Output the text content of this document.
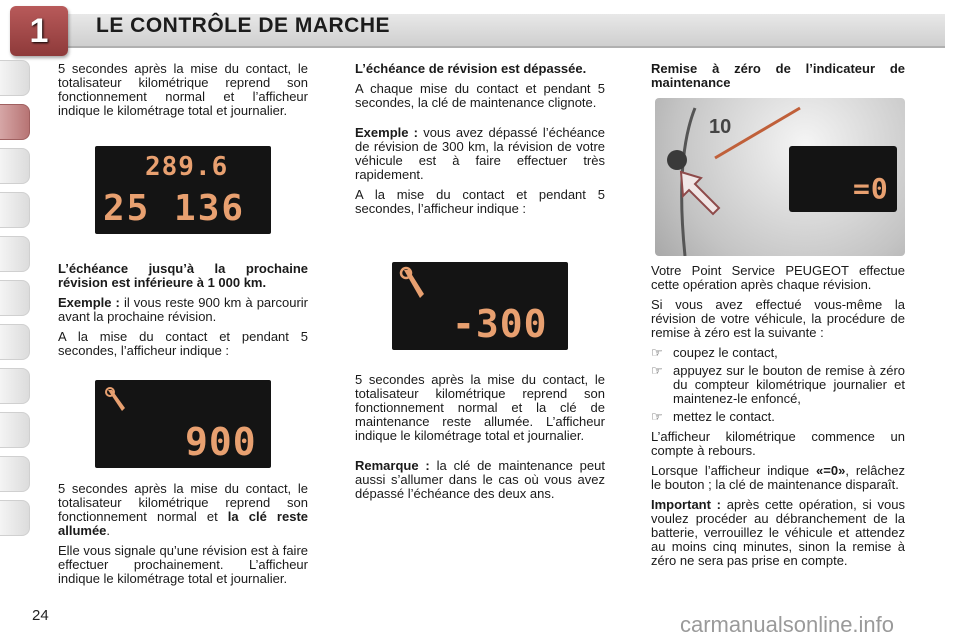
1	LE CONTRÔLE DE MARCHE

5 secondes après la mise du contact, le totalisateur kilométrique reprend son fonctionnement normal et l’afficheur indique le kilométrage total et journalier.

289.6
25 136

L’échéance jusqu’à la prochaine révision est inférieure à 1 000 km.

Exemple : il vous reste 900 km à parcourir avant la prochaine révision.

A la mise du contact et pendant 5 secondes, l’afficheur indique :

900

5 secondes après la mise du contact, le totalisateur kilométrique reprend son fonctionnement normal et la clé reste allumée.

Elle vous signale qu’une révision est à faire effectuer prochainement. L’afficheur indique le kilométrage total et journalier.

L’échéance de révision est dépassée.

A chaque mise du contact et pendant 5 secondes, la clé de maintenance clignote.

Exemple : vous avez dépassé l’échéance de révision de 300 km, la révision de votre véhicule est à faire effectuer très rapidement.

A la mise du contact et pendant 5 secondes, l’afficheur indique :

-300

5 secondes après la mise du contact, le totalisateur kilométrique reprend son fonctionnement normal et la clé de maintenance reste allumée. L’afficheur indique le kilométrage total et journalier.

Remarque : la clé de maintenance peut aussi s’allumer dans le cas où vous avez dépassé l’échéance des deux ans.

Remise à zéro de l’indicateur de maintenance

10
=0

Votre Point Service PEUGEOT effectue cette opération après chaque révision.

Si vous avez effectué vous-même la révision de votre véhicule, la procédure de remise à zéro est la suivante :

☞ coupez le contact,
☞ appuyez sur le bouton de remise à zéro du compteur kilométrique journalier et maintenez-le enfoncé,
☞ mettez le contact.

L’afficheur kilométrique commence un compte à rebours.

Lorsque l’afficheur indique «=0», relâchez le bouton ; la clé de maintenance disparaît.

Important : après cette opération, si vous voulez procéder au débranchement de la batterie, verrouillez le véhicule et attendez au moins cinq minutes, sinon la remise à zéro ne sera pas prise en compte.

24	carmanualsonline.info
